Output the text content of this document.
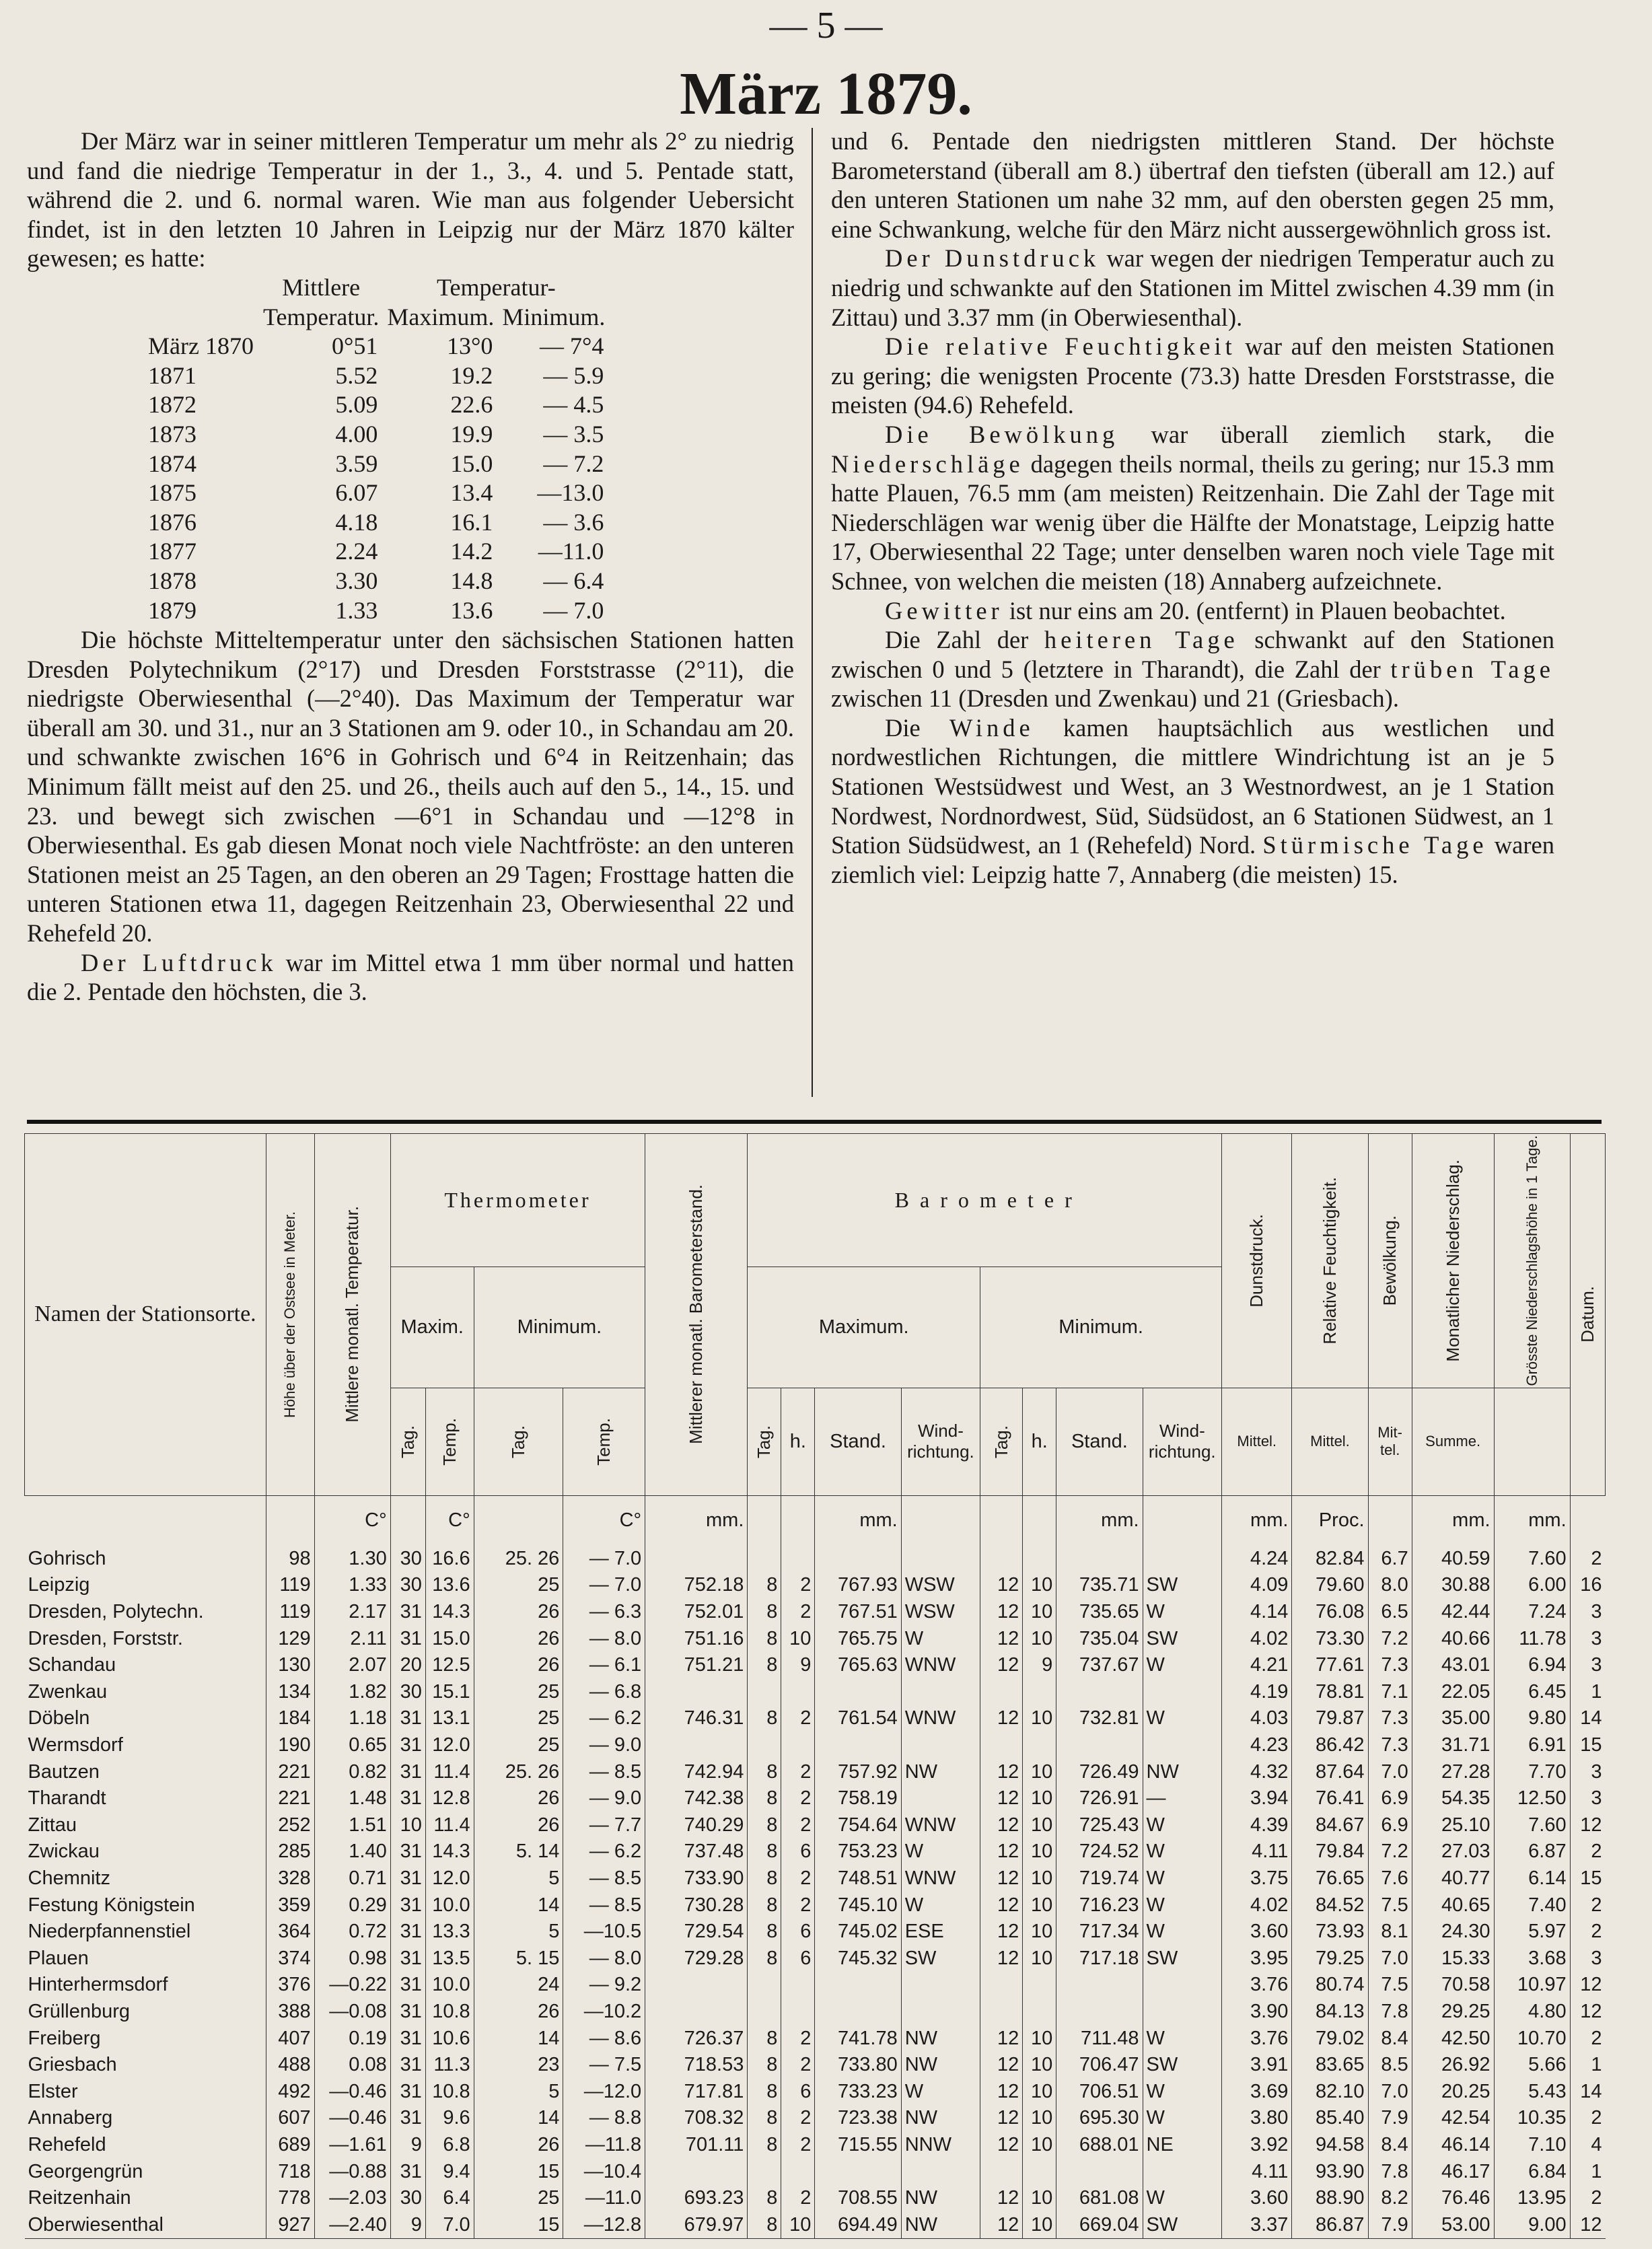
— 5 —
März 1879.

Der März war in seiner mittleren Temperatur um mehr als 2° zu niedrig und fand die niedrige Temperatur in der 1., 3., 4. und 5. Pentade statt, während die 2. und 6. normal waren. Wie man aus folgender Uebersicht findet, ist in den letzten 10 Jahren in Leipzig nur der März 1870 kälter gewesen; es hatte:

	Mittlere	Temperatur-	
	Temperatur.	Maximum.	Minimum.
März 1870	0°51	13°0	— 7°4
1871	5.52	19.2	— 5.9
1872	5.09	22.6	— 4.5
1873	4.00	19.9	— 3.5
1874	3.59	15.0	— 7.2
1875	6.07	13.4	—13.0
1876	4.18	16.1	— 3.6
1877	2.24	14.2	—11.0
1878	3.30	14.8	— 6.4
1879	1.33	13.6	— 7.0

Die höchste Mitteltemperatur unter den sächsischen Stationen hatten Dresden Polytechnikum (2°17) und Dresden Forststrasse (2°11), die niedrigste Oberwiesenthal (—2°40). Das Maximum der Temperatur war überall am 30. und 31., nur an 3 Stationen am 9. oder 10., in Schandau am 20. und schwankte zwischen 16°6 in Gohrisch und 6°4 in Reitzenhain; das Minimum fällt meist auf den 25. und 26., theils auch auf den 5., 14., 15. und 23. und bewegt sich zwischen —6°1 in Schandau und —12°8 in Oberwiesenthal. Es gab diesen Monat noch viele Nachtfröste: an den unteren Stationen meist an 25 Tagen, an den oberen an 29 Tagen; Frosttage hatten die unteren Stationen etwa 11, dagegen Reitzenhain 23, Oberwiesenthal 22 und Rehefeld 20.

Der Luftdruck war im Mittel etwa 1 mm über normal und hatten die 2. Pentade den höchsten, die 3.

und 6. Pentade den niedrigsten mittleren Stand. Der höchste Barometerstand (überall am 8.) übertraf den tiefsten (überall am 12.) auf den unteren Stationen um nahe 32 mm, auf den obersten gegen 25 mm, eine Schwankung, welche für den März nicht aussergewöhnlich gross ist.

Der Dunstdruck war wegen der niedrigen Temperatur auch zu niedrig und schwankte auf den Stationen im Mittel zwischen 4.39 mm (in Zittau) und 3.37 mm (in Oberwiesenthal).

Die relative Feuchtigkeit war auf den meisten Stationen zu gering; die wenigsten Procente (73.3) hatte Dresden Forststrasse, die meisten (94.6) Rehefeld.

Die Bewölkung war überall ziemlich stark, die Niederschläge dagegen theils normal, theils zu gering; nur 15.3 mm hatte Plauen, 76.5 mm (am meisten) Reitzenhain. Die Zahl der Tage mit Niederschlägen war wenig über die Hälfte der Monatstage, Leipzig hatte 17, Oberwiesenthal 22 Tage; unter denselben waren noch viele Tage mit Schnee, von welchen die meisten (18) Annaberg aufzeichnete.

Gewitter ist nur eins am 20. (entfernt) in Plauen beobachtet.

Die Zahl der heiteren Tage schwankt auf den Stationen zwischen 0 und 5 (letztere in Tharandt), die Zahl der trüben Tage zwischen 11 (Dresden und Zwenkau) und 21 (Griesbach).

Die Winde kamen hauptsächlich aus westlichen und nordwestlichen Richtungen, die mittlere Windrichtung ist an je 5 Stationen Westsüdwest und West, an 3 Westnordwest, an je 1 Station Nordwest, Nordnordwest, Süd, Südsüdost, an 6 Stationen Südwest, an 1 Station Südsüdwest, an 1 (Rehefeld) Nord. Stürmische Tage waren ziemlich viel: Leipzig hatte 7, Annaberg (die meisten) 15.

Namen der Stationsorte.	Höhe über der Ostsee in Meter.	Mittlere monatl. Temperatur.	Thermometer				Mittlerer monatl. Barometerstand.	B a r o m e t e r								Dunstdruck.	Relative Feuchtigkeit.	Bewölkung.	Monatlicher Niederschlag.	Grösste Niederschlagshöhe in 1 Tage.	Datum.

			Maxim.		Minimum.			Maximum.				Minimum.									

			Tag.	Temp.	Tag.	Temp.		Tag.	h.	Stand.	Wind-richtung.	Tag.	h.	Stand.	Wind-richtung.	Mittel.	Mittel.	Mit-tel.	Summe.		
		C°		C°		C°	mm.			mm.				mm.		mm.	Proc.		mm.	mm.	
Gohrisch	98	1.30	30	16.6	25. 26	— 7.0										4.24	82.84	6.7	40.59	7.60	2
Leipzig	119	1.33	30	13.6	25	— 7.0	752.18	8	2	767.93	WSW	12	10	735.71	SW	4.09	79.60	8.0	30.88	6.00	16
Dresden, Polytechn.	119	2.17	31	14.3	26	— 6.3	752.01	8	2	767.51	WSW	12	10	735.65	W	4.14	76.08	6.5	42.44	7.24	3
Dresden, Forststr.	129	2.11	31	15.0	26	— 8.0	751.16	8	10	765.75	W	12	10	735.04	SW	4.02	73.30	7.2	40.66	11.78	3
Schandau	130	2.07	20	12.5	26	— 6.1	751.21	8	9	765.63	WNW	12	9	737.67	W	4.21	77.61	7.3	43.01	6.94	3
Zwenkau	134	1.82	30	15.1	25	— 6.8										4.19	78.81	7.1	22.05	6.45	1
Döbeln	184	1.18	31	13.1	25	— 6.2	746.31	8	2	761.54	WNW	12	10	732.81	W	4.03	79.87	7.3	35.00	9.80	14
Wermsdorf	190	0.65	31	12.0	25	— 9.0										4.23	86.42	7.3	31.71	6.91	15
Bautzen	221	0.82	31	11.4	25. 26	— 8.5	742.94	8	2	757.92	NW	12	10	726.49	NW	4.32	87.64	7.0	27.28	7.70	3
Tharandt	221	1.48	31	12.8	26	— 9.0	742.38	8	2	758.19		12	10	726.91	—	3.94	76.41	6.9	54.35	12.50	3
Zittau	252	1.51	10	11.4	26	— 7.7	740.29	8	2	754.64	WNW	12	10	725.43	W	4.39	84.67	6.9	25.10	7.60	12
Zwickau	285	1.40	31	14.3	5. 14	— 6.2	737.48	8	6	753.23	W	12	10	724.52	W	4.11	79.84	7.2	27.03	6.87	2
Chemnitz	328	0.71	31	12.0	5	— 8.5	733.90	8	2	748.51	WNW	12	10	719.74	W	3.75	76.65	7.6	40.77	6.14	15
Festung Königstein	359	0.29	31	10.0	14	— 8.5	730.28	8	2	745.10	W	12	10	716.23	W	4.02	84.52	7.5	40.65	7.40	2
Niederpfannenstiel	364	0.72	31	13.3	5	—10.5	729.54	8	6	745.02	ESE	12	10	717.34	W	3.60	73.93	8.1	24.30	5.97	2
Plauen	374	0.98	31	13.5	5. 15	— 8.0	729.28	8	6	745.32	SW	12	10	717.18	SW	3.95	79.25	7.0	15.33	3.68	3
Hinterhermsdorf	376	—0.22	31	10.0	24	— 9.2										3.76	80.74	7.5	70.58	10.97	12
Grüllenburg	388	—0.08	31	10.8	26	—10.2										3.90	84.13	7.8	29.25	4.80	12
Freiberg	407	0.19	31	10.6	14	— 8.6	726.37	8	2	741.78	NW	12	10	711.48	W	3.76	79.02	8.4	42.50	10.70	2
Griesbach	488	0.08	31	11.3	23	— 7.5	718.53	8	2	733.80	NW	12	10	706.47	SW	3.91	83.65	8.5	26.92	5.66	1
Elster	492	—0.46	31	10.8	5	—12.0	717.81	8	6	733.23	W	12	10	706.51	W	3.69	82.10	7.0	20.25	5.43	14
Annaberg	607	—0.46	31	9.6	14	— 8.8	708.32	8	2	723.38	NW	12	10	695.30	W	3.80	85.40	7.9	42.54	10.35	2
Rehefeld	689	—1.61	9	6.8	26	—11.8	701.11	8	2	715.55	NNW	12	10	688.01	NE	3.92	94.58	8.4	46.14	7.10	4
Georgengrün	718	—0.88	31	9.4	15	—10.4										4.11	93.90	7.8	46.17	6.84	1
Reitzenhain	778	—2.03	30	6.4	25	—11.0	693.23	8	2	708.55	NW	12	10	681.08	W	3.60	88.90	8.2	76.46	13.95	2
Oberwiesenthal	927	—2.40	9	7.0	15	—12.8	679.97	8	10	694.49	NW	12	10	669.04	SW	3.37	86.87	7.9	53.00	9.00	12
